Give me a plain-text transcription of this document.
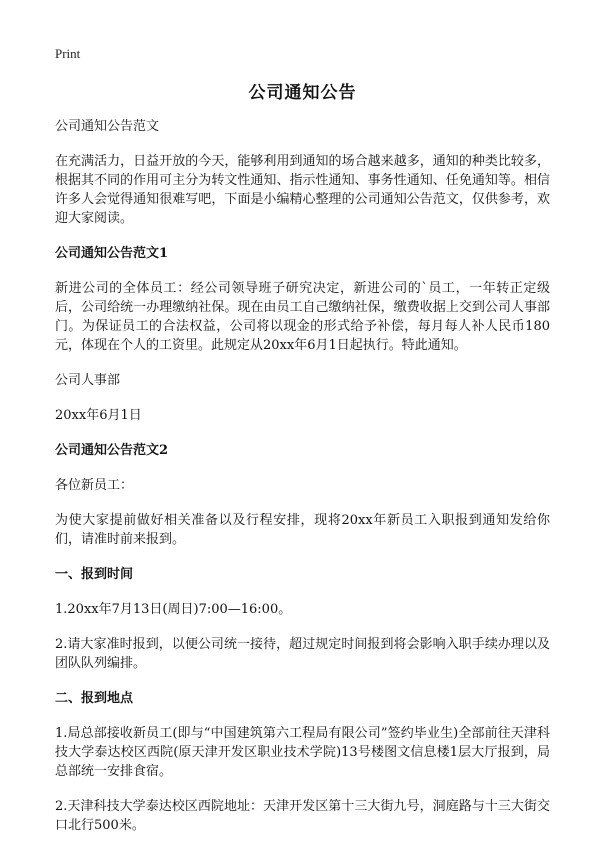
Print
公司通知公告
公司通知公告范文
在充满活力，日益开放的今天，能够利用到通知的场合越来越多，通知的种类比较多，根据其不同的作用可主分为转文性通知、指示性通知、事务性通知、任免通知等。相信许多人会觉得通知很难写吧，下面是小编精心整理的公司通知公告范文，仅供参考，欢迎大家阅读。
公司通知公告范文1
新进公司的全体员工：经公司领导班子研究决定，新进公司的`员工，一年转正定级后，公司给统一办理缴纳社保。现在由员工自己缴纳社保，缴费收据上交到公司人事部门。为保证员工的合法权益，公司将以现金的形式给予补偿，每月每人补人民币180元，体现在个人的工资里。此规定从20xx年6月1日起执行。特此通知。
公司人事部
20xx年6月1日
公司通知公告范文2
各位新员工：
为使大家提前做好相关准备以及行程安排，现将20xx年新员工入职报到通知发给你们，请准时前来报到。
一、报到时间
1.20xx年7月13日(周日)7:00—16:00。
2.请大家准时报到，以便公司统一接待，超过规定时间报到将会影响入职手续办理以及团队队列编排。
二、报到地点
1.局总部接收新员工(即与“中国建筑第六工程局有限公司”签约毕业生)全部前往天津科技大学泰达校区西院(原天津开发区职业技术学院)13号楼图文信息楼1层大厅报到，局总部统一安排食宿。
2.天津科技大学泰达校区西院地址：天津开发区第十三大街九号，洞庭路与十三大街交口北行500米。
